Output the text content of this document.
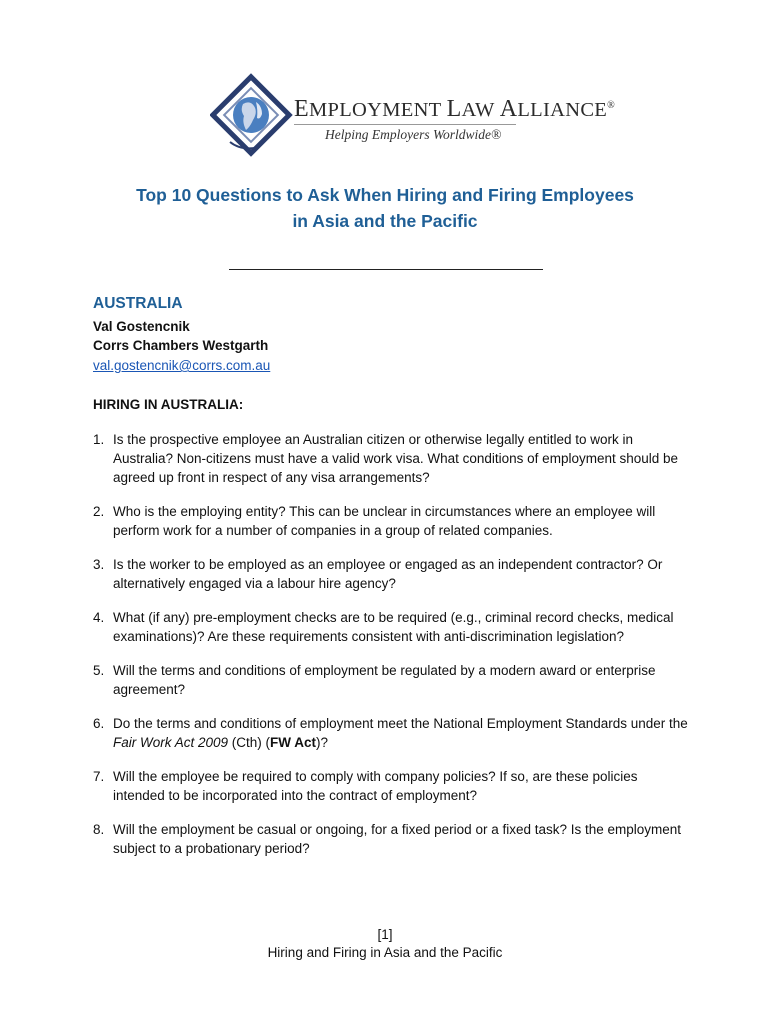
EMPLOYMENT LAW ALLIANCE®
Helping Employers Worldwide®
Top 10 Questions to Ask When Hiring and Firing Employees
in Asia and the Pacific
AUSTRALIA
Val Gostencnik
Corrs Chambers Westgarth
val.gostencnik@corrs.com.au
HIRING IN AUSTRALIA:
1. Is the prospective employee an Australian citizen or otherwise legally entitled to work in Australia? Non-citizens must have a valid work visa. What conditions of employment should be agreed up front in respect of any visa arrangements?
2. Who is the employing entity? This can be unclear in circumstances where an employee will perform work for a number of companies in a group of related companies.
3. Is the worker to be employed as an employee or engaged as an independent contractor? Or alternatively engaged via a labour hire agency?
4. What (if any) pre-employment checks are to be required (e.g., criminal record checks, medical examinations)? Are these requirements consistent with anti-discrimination legislation?
5. Will the terms and conditions of employment be regulated by a modern award or enterprise agreement?
6. Do the terms and conditions of employment meet the National Employment Standards under the Fair Work Act 2009 (Cth) (FW Act)?
7. Will the employee be required to comply with company policies? If so, are these policies intended to be incorporated into the contract of employment?
8. Will the employment be casual or ongoing, for a fixed period or a fixed task? Is the employment subject to a probationary period?
[1]
Hiring and Firing in Asia and the Pacific
